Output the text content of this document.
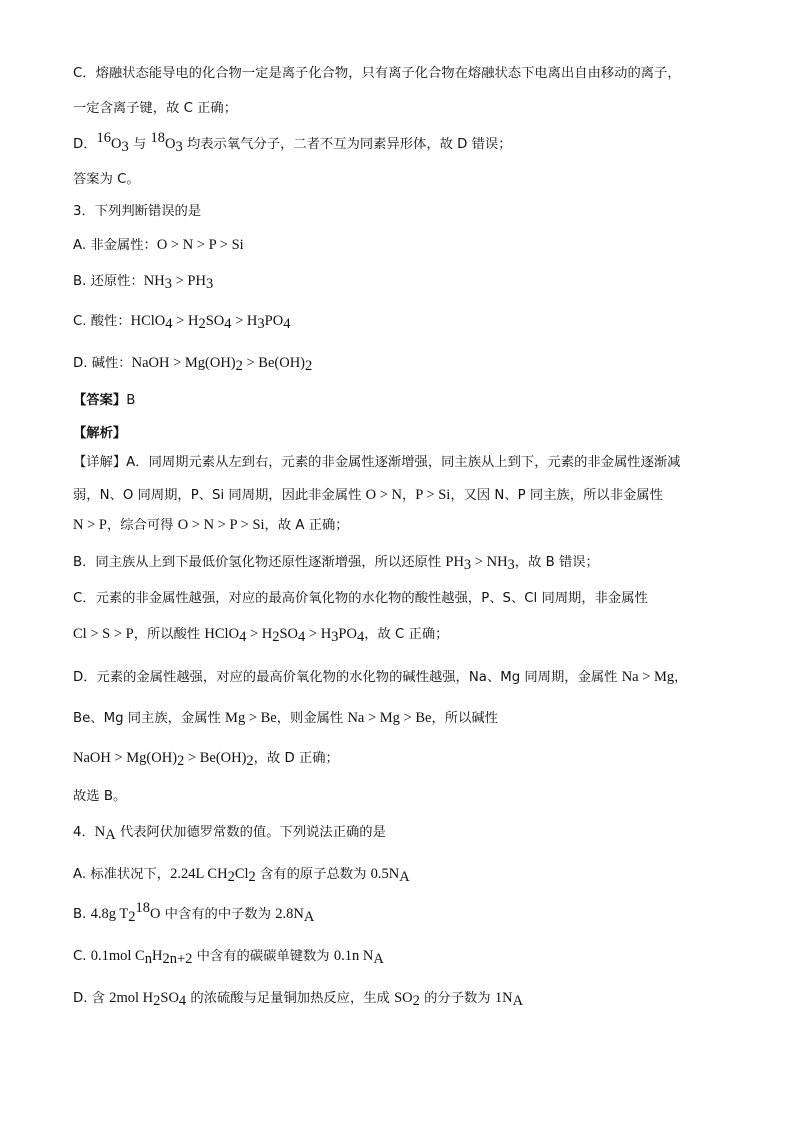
C．熔融状态能导电的化合物一定是离子化合物，只有离子化合物在熔融状态下电离出自由移动的离子，
一定含离子键，故 C 正确；
D．$^{16}O_3$ 与 $^{18}O_3$ 均表示氧气分子，二者不互为同素异形体，故 D 错误；
答案为 C。
3．下列判断错误的是
A. 非金属性：O > N > P > Si
B. 还原性：$NH_3 > PH_3$
C. 酸性：HClO$_4$ > $H_2SO_4 > H_3PO_4$
D. 碱性：NaOH > $Mg(OH)_2 > Be(OH)_2$
【答案】B
【解析】
【详解】A．同周期元素从左到右，元素的非金属性逐渐增强，同主族从上到下，元素的非金属性逐渐减
弱，N、O 同周期，P、Si 同周期，因此非金属性 O > N，P > Si，又因 N、P 同主族，所以非金属性
N > P，综合可得 O > N > P > Si，故 A 正确；
B．同主族从上到下最低价氢化物还原性逐渐增强，所以还原性 $PH_3 > NH_3$，故 B 错误；
C．元素的非金属性越强，对应的最高价氧化物的水化物的酸性越强，P、S、Cl 同周期，非金属性
Cl > S > P，所以酸性 HClO$_4$ > $H_2SO_4 > H_3PO_4$，故 C 正确；
D．元素的金属性越强，对应的最高价氧化物的水化物的碱性越强，Na、Mg 同周期，金属性 Na > Mg，
Be、Mg 同主族，金属性 Mg > Be，则金属性 Na > Mg > Be，所以碱性
NaOH > $Mg(OH)_2 > Be(OH)_2$，故 D 正确；
故选 B。
4．$N_A$ 代表阿伏加德罗常数的值。下列说法正确的是
A. 标准状况下，2.24L $CH_2Cl_2$ 含有的原子总数为 $0.5N_A$
B. 4.8g $T_2^{18}O$ 中含有的中子数为 $2.8N_A$
C. 0.1mol $C_nH_{2n+2}$ 中含有的碳碳单键数为 0.1n $N_A$
D. 含 2mol $H_2SO_4$ 的浓硫酸与足量铜加热反应，生成 $SO_2$ 的分子数为 $1N_A$
